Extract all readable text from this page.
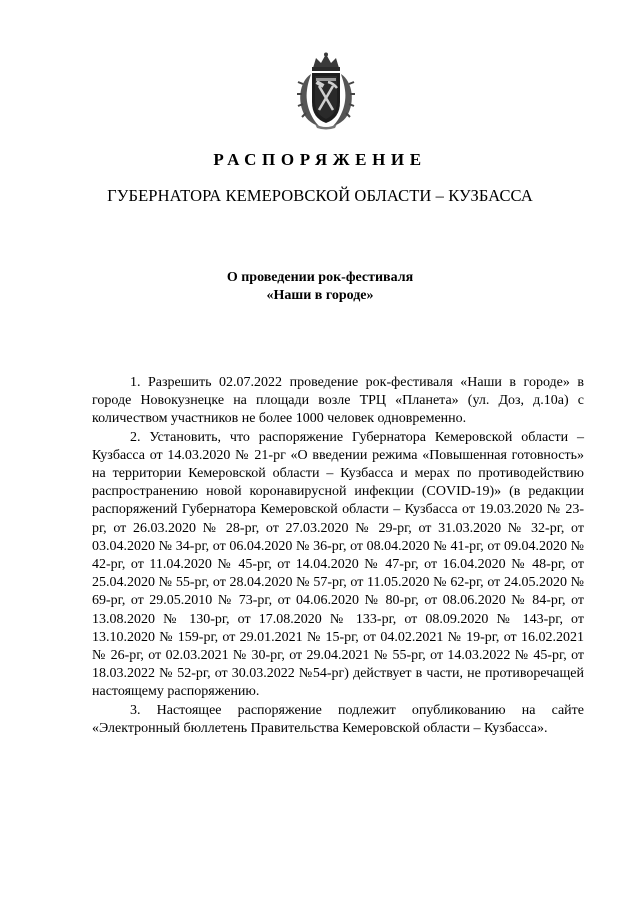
РАСПОРЯЖЕНИЕ
ГУБЕРНАТОРА КЕМЕРОВСКОЙ ОБЛАСТИ – КУЗБАССА
О проведении рок-фестиваля
«Наши в городе»

1. Разрешить 02.07.2022 проведение рок-фестиваля «Наши в городе» в городе Новокузнецке на площади возле ТРЦ «Планета» (ул. Доз, д.10а) с количеством участников не более 1000 человек одновременно.

2. Установить, что распоряжение Губернатора Кемеровской области – Кузбасса от 14.03.2020 № 21-рг «О введении режима «Повышенная готовность» на территории Кемеровской области – Кузбасса и мерах по противодействию распространению новой коронавирусной инфекции (COVID-19)» (в редакции распоряжений Губернатора Кемеровской области – Кузбасса от 19.03.2020 № 23-рг, от 26.03.2020 № 28-рг, от 27.03.2020 № 29-рг, от 31.03.2020 № 32-рг, от 03.04.2020 № 34-рг, от 06.04.2020 № 36-рг, от 08.04.2020 № 41-рг, от 09.04.2020 № 42-рг, от 11.04.2020 № 45-рг, от 14.04.2020 № 47-рг, от 16.04.2020 № 48-рг, от 25.04.2020 № 55-рг, от 28.04.2020 № 57-рг, от 11.05.2020 № 62-рг, от 24.05.2020 № 69-рг, от 29.05.2010 № 73-рг, от 04.06.2020 № 80-рг, от 08.06.2020 № 84-рг, от 13.08.2020 № 130-рг, от 17.08.2020 № 133-рг, от 08.09.2020 № 143-рг, от 13.10.2020 № 159-рг, от 29.01.2021 № 15-рг, от 04.02.2021 № 19-рг, от 16.02.2021 № 26-рг, от 02.03.2021 № 30-рг, от 29.04.2021 № 55-рг, от 14.03.2022 № 45-рг, от 18.03.2022 № 52-рг, от 30.03.2022 №54-рг) действует в части, не противоречащей настоящему распоряжению.

3. Настоящее распоряжение подлежит опубликованию на сайте «Электронный бюллетень Правительства Кемеровской области – Кузбасса».
